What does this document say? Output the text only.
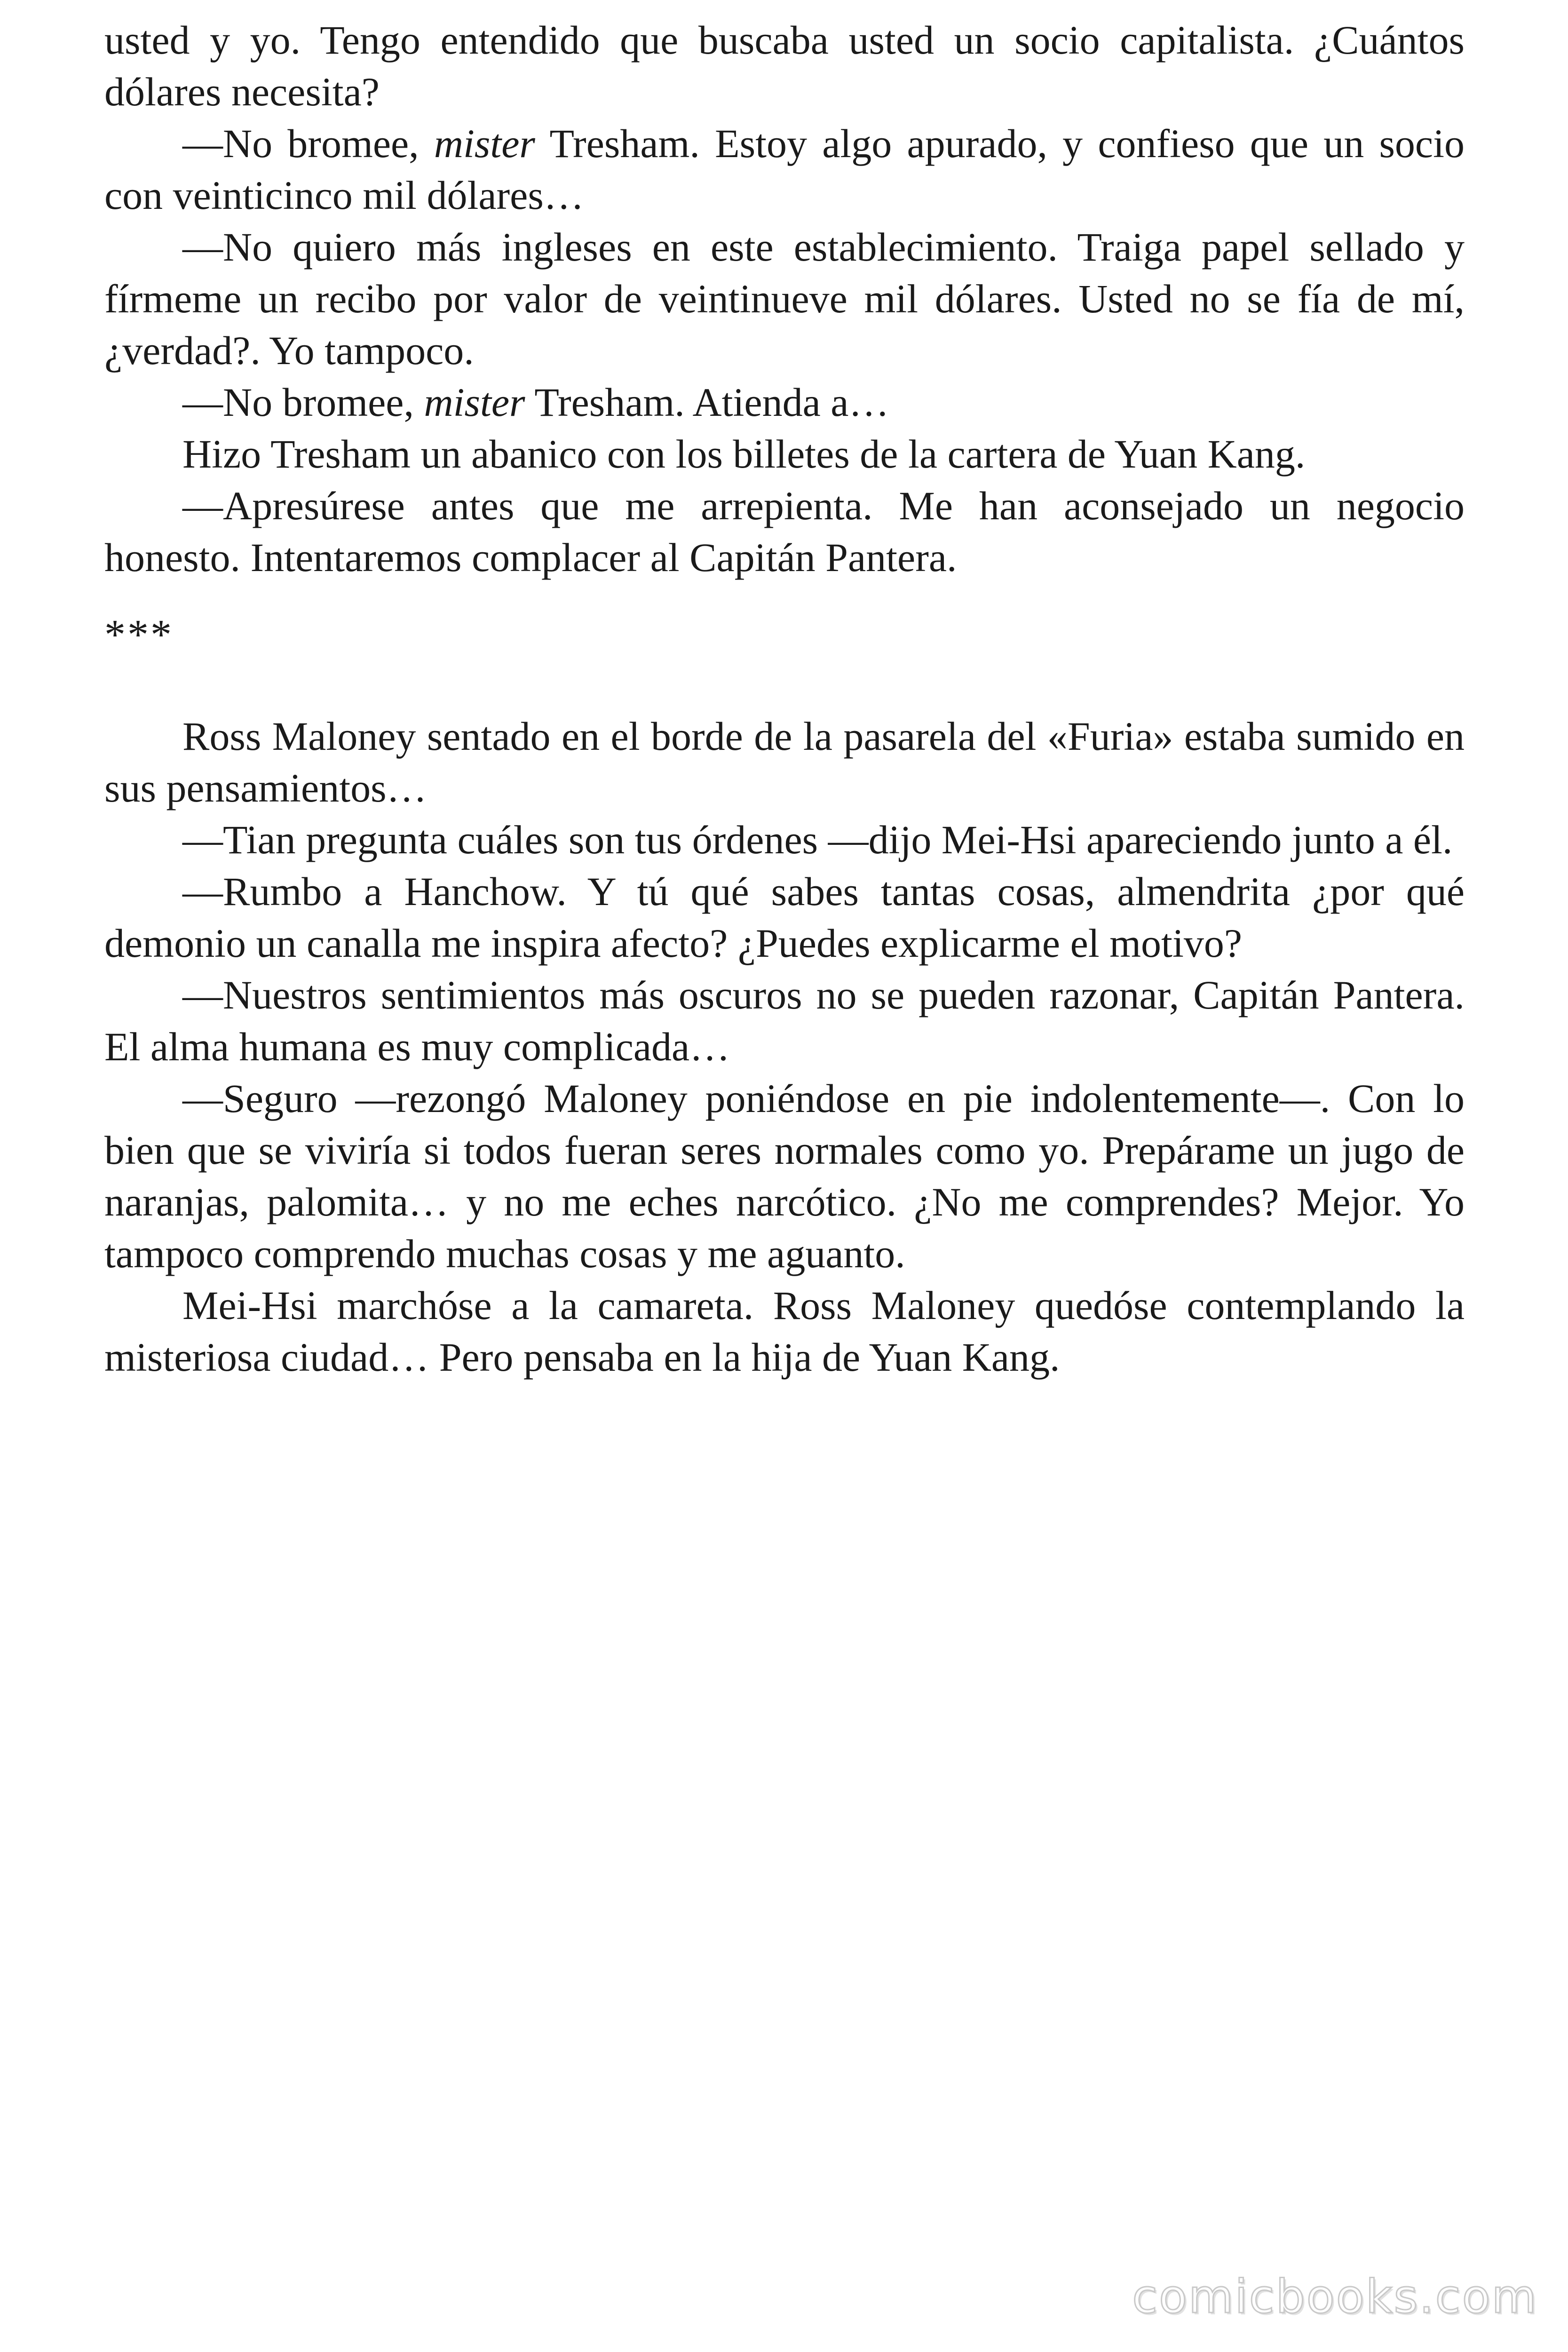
usted y yo. Tengo entendido que buscaba usted un socio capitalista. ¿Cuántos dólares necesita?

—No bromee, mister Tresham. Estoy algo apurado, y confieso que un socio con veinticinco mil dólares…

—No quiero más ingleses en este establecimiento. Traiga papel sellado y fírmeme un recibo por valor de veintinueve mil dólares. Usted no se fía de mí, ¿verdad?. Yo tampoco.

—No bromee, mister Tresham. Atienda a…

Hizo Tresham un abanico con los billetes de la cartera de Yuan Kang.

—Apresúrese antes que me arrepienta. Me han aconsejado un negocio honesto. Intentaremos complacer al Capitán Pantera.

***

Ross Maloney sentado en el borde de la pasarela del «Furia» estaba sumido en sus pensamientos…

—Tian pregunta cuáles son tus órdenes —dijo Mei-Hsi apareciendo junto a él.

—Rumbo a Hanchow. Y tú qué sabes tantas cosas, almendrita ¿por qué demonio un canalla me inspira afecto? ¿Puedes explicarme el motivo?

—Nuestros sentimientos más oscuros no se pueden razonar, Capitán Pantera. El alma humana es muy complicada…

—Seguro —rezongó Maloney poniéndose en pie indolentemente—. Con lo bien que se viviría si todos fueran seres normales como yo. Prepárame un jugo de naranjas, palomita… y no me eches narcótico. ¿No me comprendes? Mejor. Yo tampoco comprendo muchas cosas y me aguanto.

Mei-Hsi marchóse a la camareta. Ross Maloney quedóse contemplando la misteriosa ciudad… Pero pensaba en la hija de Yuan Kang.

comicbooks.com
